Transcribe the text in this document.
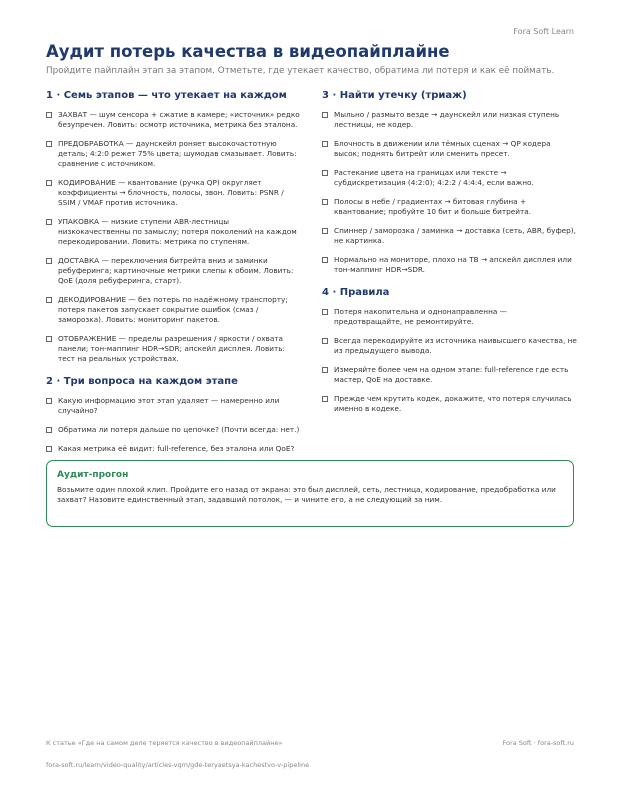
Fora Soft Learn
Аудит потерь качества в видеопайплайне

Пройдите пайплайн этап за этапом. Отметьте, где утекает качество, обратима ли потеря и как её поймать.

1 · Семь этапов — что утекает на каждом
ЗАХВАТ — шум сенсора + сжатие в камере; «источник» редко безупречен. Ловить: осмотр источника, метрика без эталона.
ПРЕДОБРАБОТКА — даунскейл роняет высокочастотную деталь; 4:2:0 режет 75% цвета; шумодав смазывает. Ловить: сравнение с источником.
КОДИРОВАНИЕ — квантование (ручка QP) округляет коэффициенты → блочность, полосы, звон. Ловить: PSNR / SSIM / VMAF против источника.
УПАКОВКА — низкие ступени ABR-лестницы низкокачественны по замыслу; потеря поколений на каждом перекодировании. Ловить: метрика по ступеням.
ДОСТАВКА — переключения битрейта вниз и заминки ребуферинга; картиночные метрики слепы к обоим. Ловить: QoE (доля ребуферинга, старт).
ДЕКОДИРОВАНИЕ — без потерь по надёжному транспорту; потеря пакетов запускает сокрытие ошибок (смаз / заморозка). Ловить: мониторинг пакетов.
ОТОБРАЖЕНИЕ — пределы разрешения / яркости / охвата панели; тон-маппинг HDR→SDR; апскейл дисплея. Ловить: тест на реальных устройствах.
2 · Три вопроса на каждом этапе
Какую информацию этот этап удаляет — намеренно или случайно?
Обратима ли потеря дальше по цепочке? (Почти всегда: нет.)
Какая метрика её видит: full-reference, без эталона или QoE?
3 · Найти утечку (триаж)
Мыльно / размыто везде → даунскейл или низкая ступень лестницы, не кодер.
Блочность в движении или тёмных сценах → QP кодера высок; поднять битрейт или сменить пресет.
Растекание цвета на границах или тексте → субдискретизация (4:2:0); 4:2:2 / 4:4:4, если важно.
Полосы в небе / градиентах → битовая глубина + квантование; пробуйте 10 бит и больше битрейта.
Спиннер / заморозка / заминка → доставка (сеть, ABR, буфер), не картинка.
Нормально на мониторе, плохо на ТВ → апскейл дисплея или тон-маппинг HDR→SDR.
4 · Правила
Потеря накопительна и однонаправленна — предотвращайте, не ремонтируйте.
Всегда перекодируйте из источника наивысшего качества, не из предыдущего вывода.
Измеряйте более чем на одном этапе: full-reference где есть мастер, QoE на доставке.
Прежде чем крутить кодек, докажите, что потеря случилась именно в кодеке.
Аудит-прогон

Возьмите один плохой клип. Пройдите его назад от экрана: это был дисплей, сеть, лестница, кодирование, предобработка или захват? Назовите единственный этап, задавший потолок, — и чините его, а не следующий за ним.

К статье «Где на самом деле теряется качество в видеопайплайне»	Fora Soft · fora-soft.ru
fora-soft.ru/learn/video-quality/articles-vqm/gde-teryaetsya-kachestvo-v-pipeline
